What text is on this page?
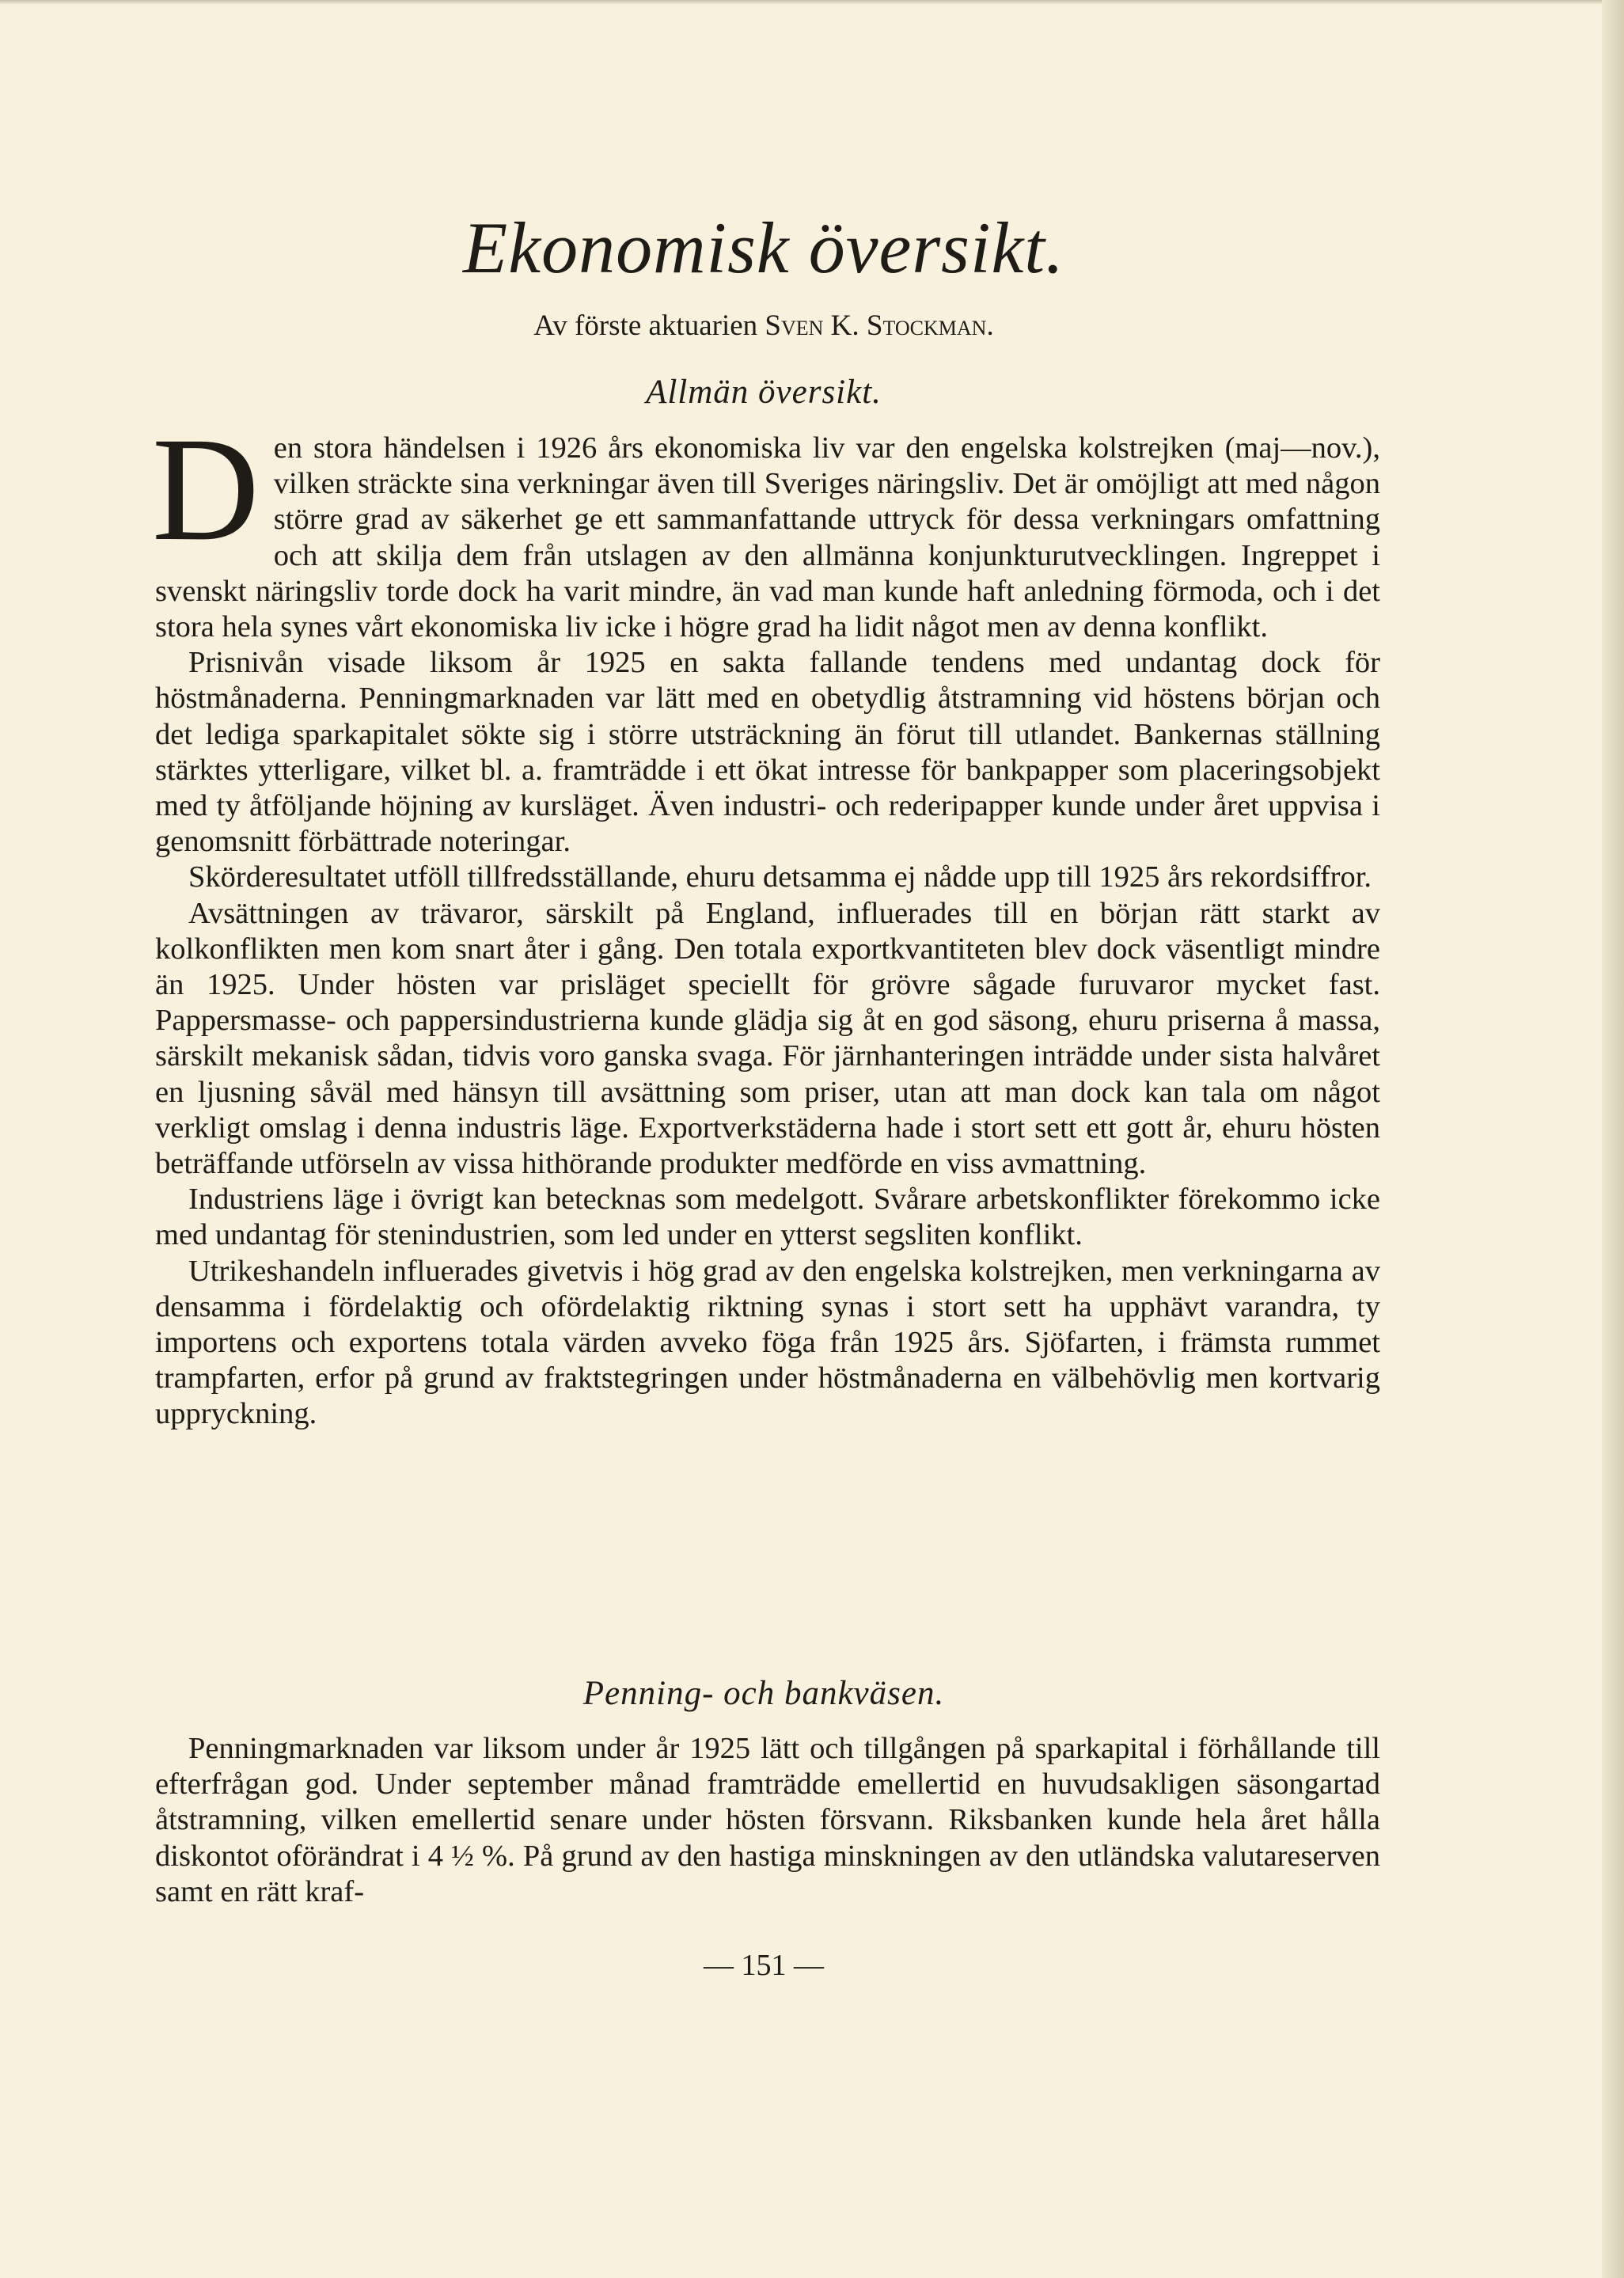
Ekonomisk översikt.
Av förste aktuarien Sven K. Stockman.
Allmän översikt.

Den stora händelsen i 1926 års ekonomiska liv var den engelska kolstrejken (maj—nov.), vilken sträckte sina verkningar även till Sveriges näringsliv. Det är omöjligt att med någon större grad av säkerhet ge ett sammanfattande uttryck för dessa verkningars omfattning och att skilja dem från utslagen av den allmänna konjunkturutvecklingen. Ingreppet i svenskt näringsliv torde dock ha varit mindre, än vad man kunde haft anledning förmoda, och i det stora hela synes vårt ekonomiska liv icke i högre grad ha lidit något men av denna konflikt.

Prisnivån visade liksom år 1925 en sakta fallande tendens med undantag dock för höstmånaderna. Penningmarknaden var lätt med en obetydlig åtstramning vid höstens början och det lediga sparkapitalet sökte sig i större utsträckning än förut till utlandet. Bankernas ställning stärktes ytterligare, vilket bl. a. framträdde i ett ökat intresse för bankpapper som placeringsobjekt med ty åtföljande höjning av kursläget. Även industri- och rederipapper kunde under året uppvisa i genomsnitt förbättrade noteringar.

Skörderesultatet utföll tillfredsställande, ehuru detsamma ej nådde upp till 1925 års rekordsiffror.

Avsättningen av trävaror, särskilt på England, influerades till en början rätt starkt av kolkonflikten men kom snart åter i gång. Den totala exportkvantiteten blev dock väsentligt mindre än 1925. Under hösten var prisläget speciellt för grövre sågade furuvaror mycket fast. Pappersmasse- och pappersindustrierna kunde glädja sig åt en god säsong, ehuru priserna å massa, särskilt mekanisk sådan, tidvis voro ganska svaga. För järnhanteringen inträdde under sista halvåret en ljusning såväl med hänsyn till avsättning som priser, utan att man dock kan tala om något verkligt omslag i denna industris läge. Exportverkstäderna hade i stort sett ett gott år, ehuru hösten beträffande utförseln av vissa hithörande produkter medförde en viss avmattning.

Industriens läge i övrigt kan betecknas som medelgott. Svårare arbetskonflikter förekommo icke med undantag för stenindustrien, som led under en ytterst segsliten konflikt.

Utrikeshandeln influerades givetvis i hög grad av den engelska kolstrejken, men verkningarna av densamma i fördelaktig och ofördelaktig riktning synas i stort sett ha upphävt varandra, ty importens och exportens totala värden avveko föga från 1925 års. Sjöfarten, i främsta rummet trampfarten, erfor på grund av fraktstegringen under höstmånaderna en välbehövlig men kortvarig uppryckning.

Penning- och bankväsen.

Penningmarknaden var liksom under år 1925 lätt och tillgången på sparkapital i förhållande till efterfrågan god. Under september månad framträdde emellertid en huvudsakligen säsongartad åtstramning, vilken emellertid senare under hösten försvann. Riksbanken kunde hela året hålla diskontot oförändrat i 4 ½ %. På grund av den hastiga minskningen av den utländska valutareserven samt en rätt kraf-

— 151 —
